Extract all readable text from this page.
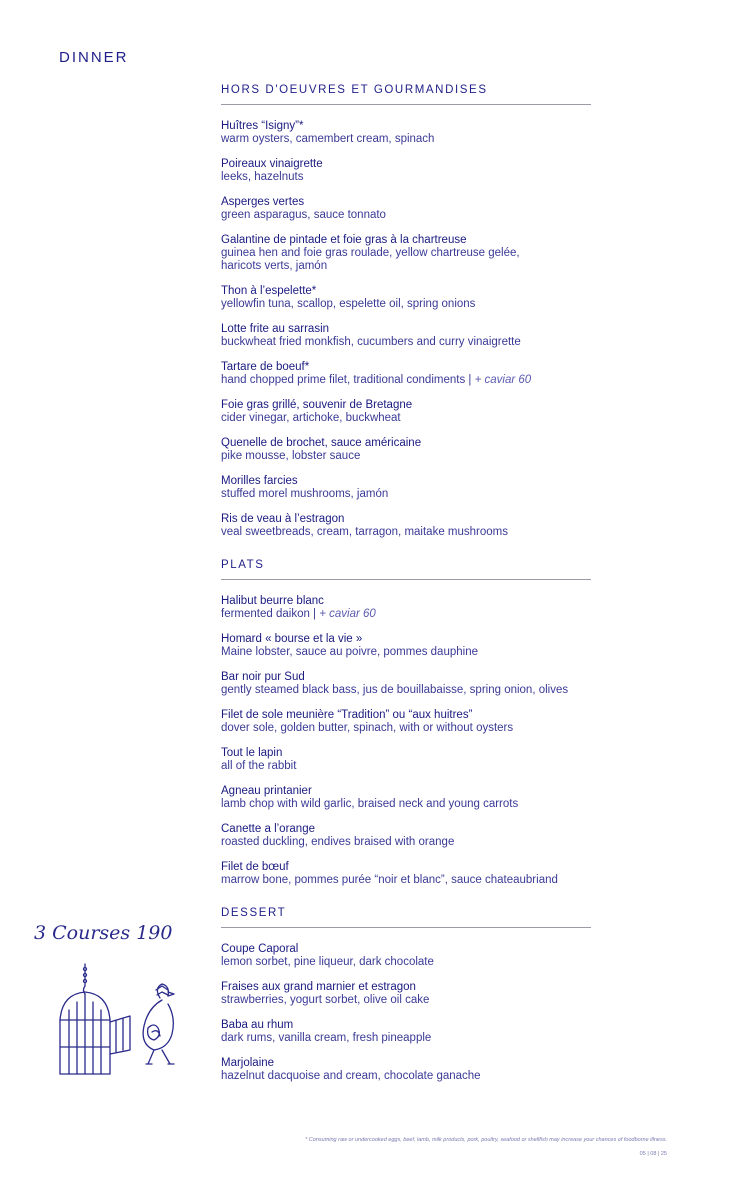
DINNER
HORS D'OEUVRES ET GOURMANDISES
Huîtres “Isigny”*
warm oysters, camembert cream, spinach
Poireaux vinaigrette
leeks, hazelnuts
Asperges vertes
green asparagus, sauce tonnato
Galantine de pintade et foie gras à la chartreuse
guinea hen and foie gras roulade, yellow chartreuse gelée,
haricots verts, jamón
Thon à l’espelette*
yellowfin tuna, scallop, espelette oil, spring onions
Lotte frite au sarrasin
buckwheat fried monkfish, cucumbers and curry vinaigrette
Tartare de boeuf*
hand chopped prime filet, traditional condiments | + caviar 60
Foie gras grillé, souvenir de Bretagne
cider vinegar, artichoke, buckwheat
Quenelle de brochet, sauce américaine
pike mousse, lobster sauce
Morilles farcies
stuffed morel mushrooms, jamón
Ris de veau à l’estragon
veal sweetbreads, cream, tarragon, maitake mushrooms
PLATS
Halibut beurre blanc
fermented daikon | + caviar 60
Homard « bourse et la vie »
Maine lobster, sauce au poivre, pommes dauphine
Bar noir pur Sud
gently steamed black bass, jus de bouillabaisse, spring onion, olives
Filet de sole meunière “Tradition” ou “aux huitres”
dover sole, golden butter, spinach, with or without oysters
Tout le lapin
all of the rabbit
Agneau printanier
lamb chop with wild garlic, braised neck and young carrots
Canette a l’orange
roasted duckling, endives braised with orange
Filet de bœuf
marrow bone, pommes purée “noir et blanc”, sauce chateaubriand
DESSERT
Coupe Caporal
lemon sorbet, pine liqueur, dark chocolate
Fraises aux grand marnier et estragon
strawberries, yogurt sorbet, olive oil cake
Baba au rhum
dark rums, vanilla cream, fresh pineapple
Marjolaine
hazelnut dacquoise and cream, chocolate ganache
3 Courses 190
* Consuming raw or undercooked eggs, beef, lamb, milk products, pork, poultry, seafood or shellfish may increase your chances of foodborne illness.
05 | 08 | 25
